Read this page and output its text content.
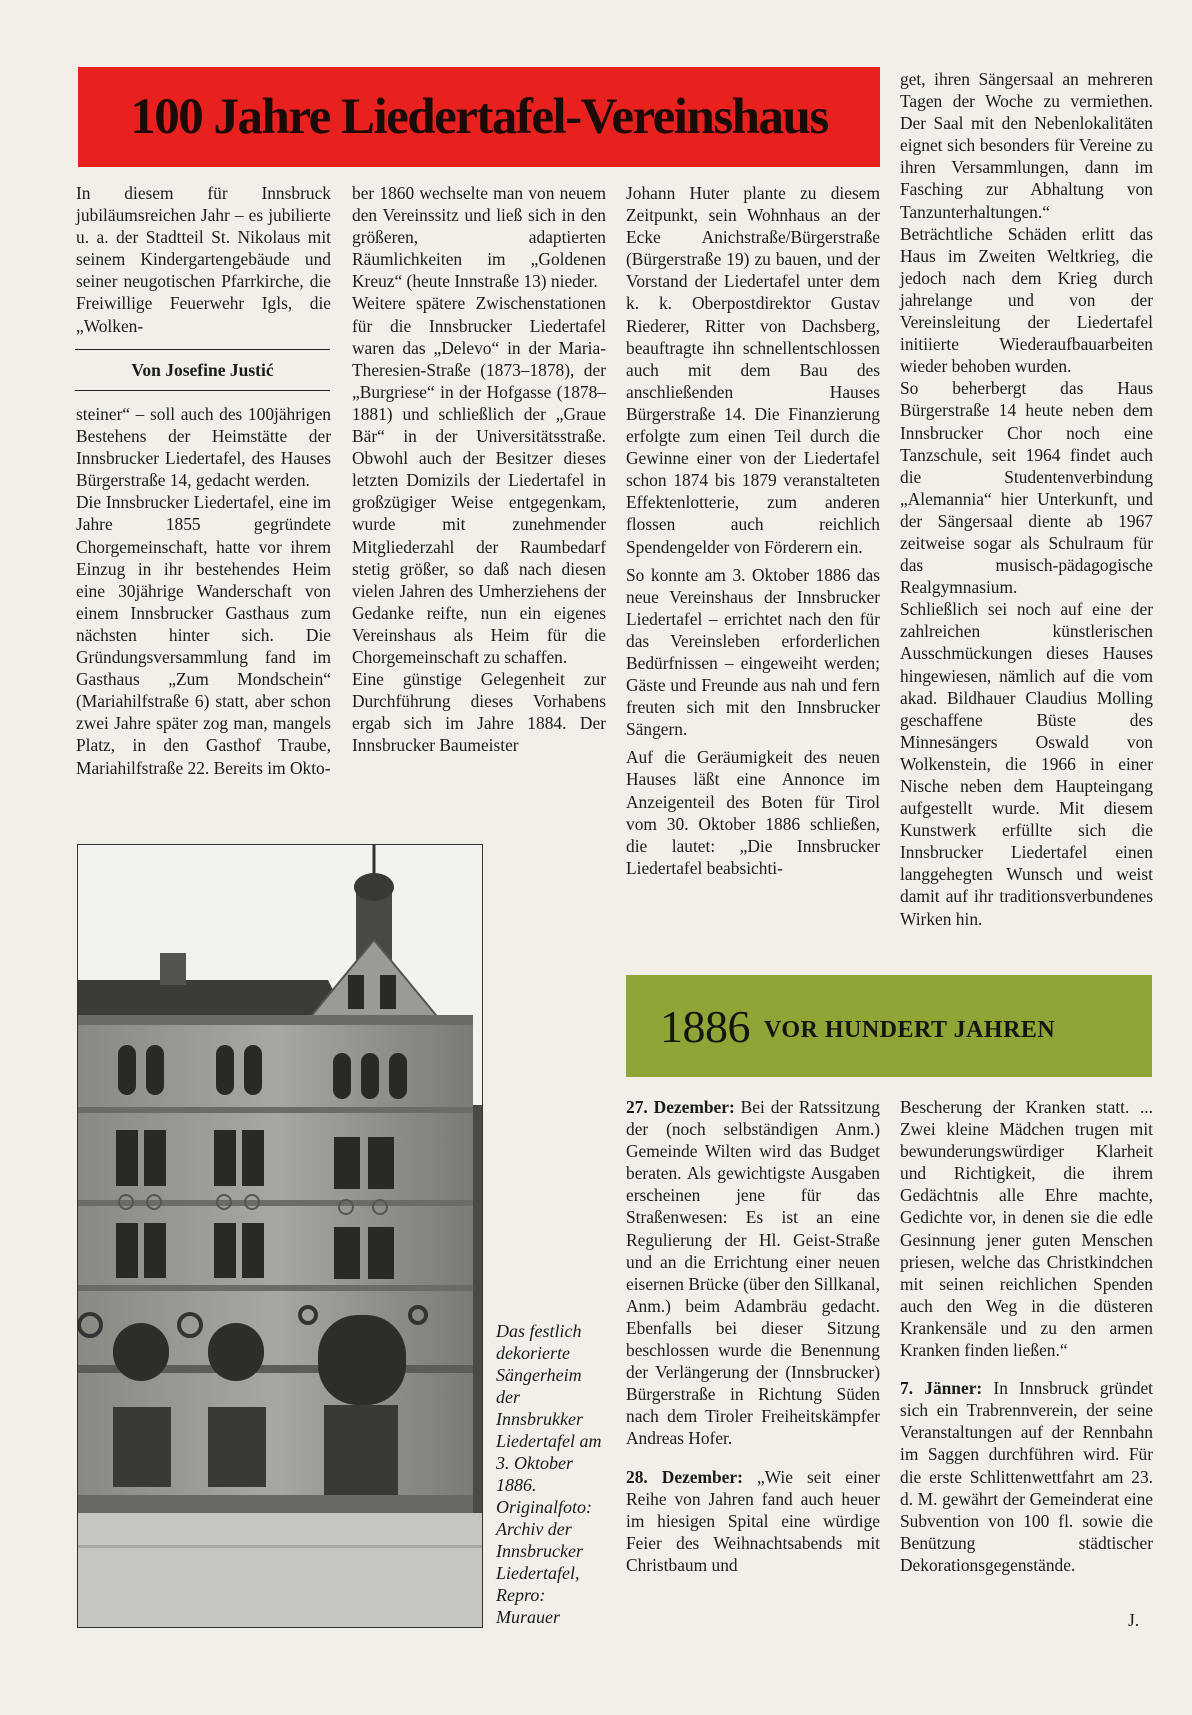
100 Jahre Liedertafel-Vereinshaus

In diesem für Innsbruck jubiläumsreichen Jahr – es jubilierte u. a. der Stadtteil St. Nikolaus mit seinem Kindergartengebäude und seiner neugotischen Pfarrkirche, die Freiwillige Feuerwehr Igls, die „Wolken-

Von Josefine Justić

steiner“ – soll auch des 100jährigen Bestehens der Heimstätte der Innsbrucker Liedertafel, des Hauses Bürgerstraße 14, gedacht werden.

Die Innsbrucker Liedertafel, eine im Jahre 1855 gegründete Chorgemeinschaft, hatte vor ihrem Einzug in ihr bestehendes Heim eine 30jährige Wanderschaft von einem Innsbrucker Gasthaus zum nächsten hinter sich. Die Gründungsversammlung fand im Gasthaus „Zum Mondschein“ (Mariahilfstraße 6) statt, aber schon zwei Jahre später zog man, mangels Platz, in den Gasthof Traube, Mariahilfstraße 22. Bereits im Okto-

ber 1860 wechselte man von neuem den Vereinssitz und ließ sich in den größeren, adaptierten Räumlichkeiten im „Goldenen Kreuz“ (heute Innstraße 13) nieder.

Weitere spätere Zwischenstationen für die Innsbrucker Liedertafel waren das „Delevo“ in der Maria-Theresien-Straße (1873–1878), der „Burgriese“ in der Hofgasse (1878–1881) und schließlich der „Graue Bär“ in der Universitätsstraße. Obwohl auch der Besitzer dieses letzten Domizils der Liedertafel in großzügiger Weise entgegenkam, wurde mit zunehmender Mitgliederzahl der Raumbedarf stetig größer, so daß nach diesen vielen Jahren des Umherziehens der Gedanke reifte, nun ein eigenes Vereinshaus als Heim für die Chorgemeinschaft zu schaffen.

Eine günstige Gelegenheit zur Durchführung dieses Vorhabens ergab sich im Jahre 1884. Der Innsbrucker Baumeister

Johann Huter plante zu diesem Zeitpunkt, sein Wohnhaus an der Ecke Anichstraße/Bürgerstraße (Bürgerstraße 19) zu bauen, und der Vorstand der Liedertafel unter dem k. k. Oberpostdirektor Gustav Riederer, Ritter von Dachsberg, beauftragte ihn schnellentschlossen auch mit dem Bau des anschließenden Hauses Bürgerstraße 14. Die Finanzierung erfolgte zum einen Teil durch die Gewinne einer von der Liedertafel schon 1874 bis 1879 veranstalteten Effektenlotterie, zum anderen flossen auch reichlich Spendengelder von Förderern ein.

So konnte am 3. Oktober 1886 das neue Vereinshaus der Innsbrucker Liedertafel – errichtet nach den für das Vereinsleben erforderlichen Bedürfnissen – eingeweiht werden; Gäste und Freunde aus nah und fern freuten sich mit den Innsbrucker Sängern.

Auf die Geräumigkeit des neuen Hauses läßt eine Annonce im Anzeigenteil des Boten für Tirol vom 30. Oktober 1886 schließen, die lautet: „Die Innsbrucker Liedertafel beabsichti-

get, ihren Sängersaal an mehreren Tagen der Woche zu vermiethen. Der Saal mit den Nebenlokalitäten eignet sich besonders für Vereine zu ihren Versammlungen, dann im Fasching zur Abhaltung von Tanzunterhaltungen.“

Beträchtliche Schäden erlitt das Haus im Zweiten Weltkrieg, die jedoch nach dem Krieg durch jahrelange und von der Vereinsleitung der Liedertafel initiierte Wiederaufbauarbeiten wieder behoben wurden.

So beherbergt das Haus Bürgerstraße 14 heute neben dem Innsbrucker Chor noch eine Tanzschule, seit 1964 findet auch die Studentenverbindung „Alemannia“ hier Unterkunft, und der Sängersaal diente ab 1967 zeitweise sogar als Schulraum für das musisch-pädagogische Realgymnasium.

Schließlich sei noch auf eine der zahlreichen künstlerischen Ausschmückungen dieses Hauses hingewiesen, nämlich auf die vom akad. Bildhauer Claudius Molling geschaffene Büste des Minnesängers Oswald von Wolkenstein, die 1966 in einer Nische neben dem Haupteingang aufgestellt wurde. Mit diesem Kunstwerk erfüllte sich die Innsbrucker Liedertafel einen langgehegten Wunsch und weist damit auf ihr traditionsverbundenes Wirken hin.

Das festlich dekorierte Sängerheim der Innsbrukker Liedertafel am 3. Oktober 1886. Originalfoto: Archiv der Innsbrucker Liedertafel, Repro: Murauer
1886 VOR HUNDERT JAHREN

27. Dezember: Bei der Ratssitzung der (noch selbständigen Anm.) Gemeinde Wilten wird das Budget beraten. Als gewichtigste Ausgaben erscheinen jene für das Straßenwesen: Es ist an eine Regulierung der Hl. Geist-Straße und an die Errichtung einer neuen eisernen Brücke (über den Sillkanal, Anm.) beim Adambräu gedacht. Ebenfalls bei dieser Sitzung beschlossen wurde die Benennung der Verlängerung der (Innsbrucker) Bürgerstraße in Richtung Süden nach dem Tiroler Freiheitskämpfer Andreas Hofer.

28. Dezember: „Wie seit einer Reihe von Jahren fand auch heuer im hiesigen Spital eine würdige Feier des Weihnachtsabends mit Christbaum und

Bescherung der Kranken statt. ... Zwei kleine Mädchen trugen mit bewunderungswürdiger Klarheit und Richtigkeit, die ihrem Gedächtnis alle Ehre machte, Gedichte vor, in denen sie die edle Gesinnung jener guten Menschen priesen, welche das Christkindchen mit seinen reichlichen Spenden auch den Weg in die düsteren Krankensäle und zu den armen Kranken finden ließen.“

7. Jänner: In Innsbruck gründet sich ein Trabrennverein, der seine Veranstaltungen auf der Rennbahn im Saggen durchführen wird. Für die erste Schlittenwettfahrt am 23. d. M. gewährt der Gemeinderat eine Subvention von 100 fl. sowie die Benützung städtischer Dekorationsgegenstände.

J.
